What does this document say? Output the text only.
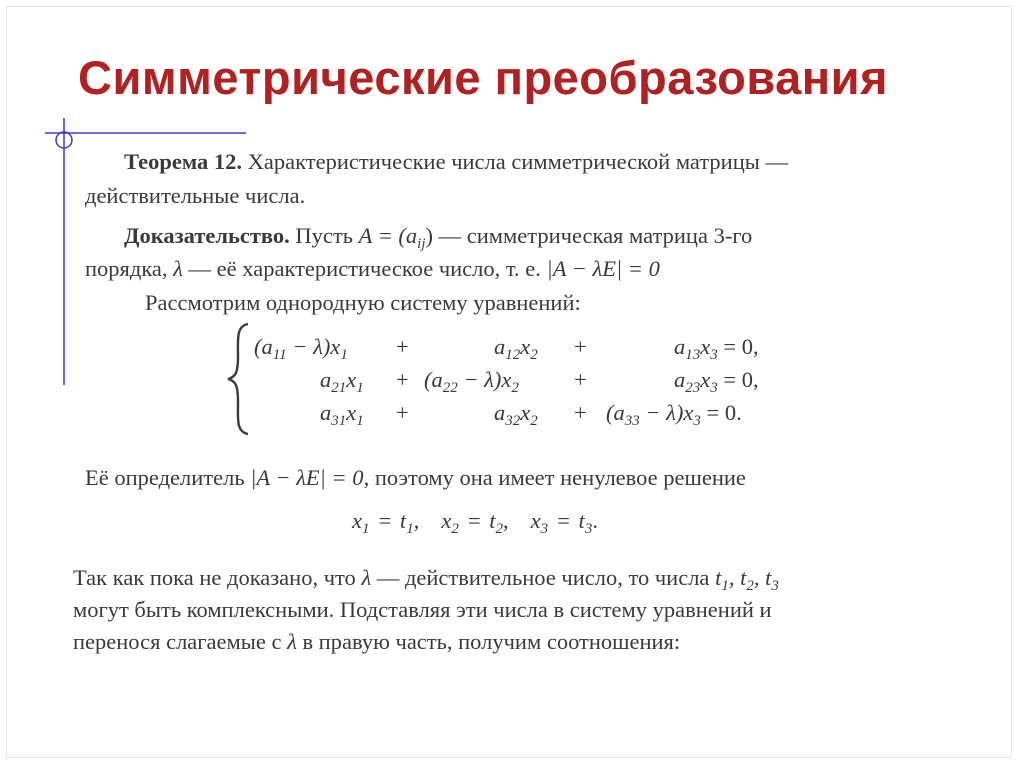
Симметрические преобразования
Теорема 12. Характеристические числа симметрической матрицы —
действительные числа.
Доказательство. Пусть $A = (a_{ij})$ — симметрическая матрица 3-го
порядка, λ — её характеристическое число, т. е. |A − λE| = 0
Рассмотрим однородную систему уравнений:
$(a_{11} - \lambda)x_1$ +	$a_{12}x_2$ +	$a_{13}x_3 = 0$,
$a_{21}x_1 + (a_{22} - \lambda)x_2$ +	$a_{23}x_3 = 0$,
$a_{31}x_1$ +	$a_{32}x_2 + (a_{33} - \lambda)x_3 = 0$.
Её определитель |A − λE| = 0, поэтому она имеет ненулевое решение
$x_1 = t_1$, $x_2 = t_2$, $x_3 = t_3$.
Так как пока не доказано, что λ — действительное число, то числа $t_1$, $t_2$, $t_3$
могут быть комплексными. Подставляя эти числа в систему уравнений и
перенося слагаемые с λ в правую часть, получим соотношения:
